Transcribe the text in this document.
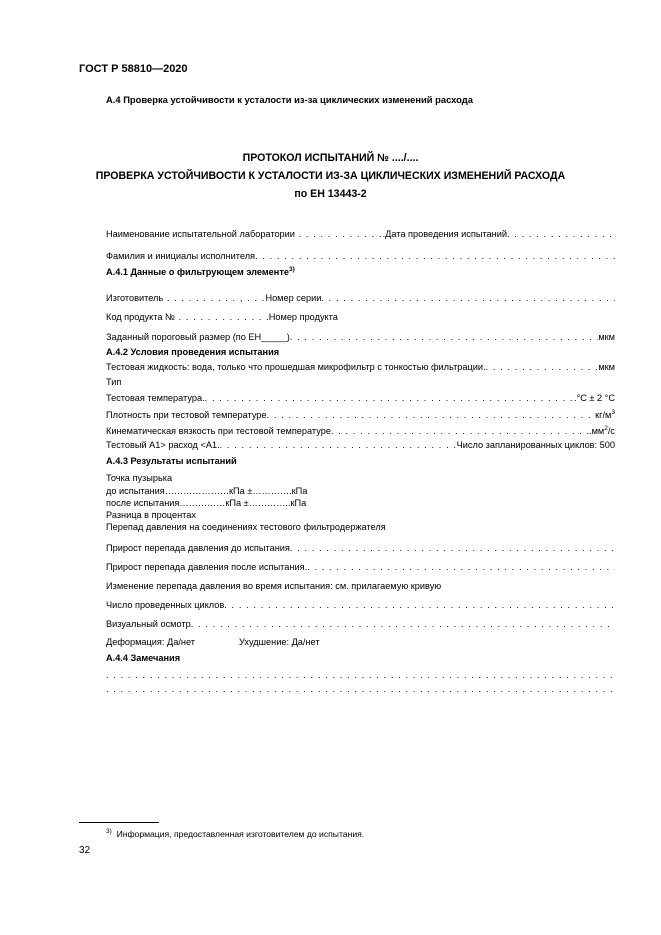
ГОСТ Р 58810—2020
A.4 Проверка устойчивости к усталости из-за циклических изменений расхода
ПРОТОКОЛ ИСПЫТАНИЙ № ..../....
ПРОВЕРКА УСТОЙЧИВОСТИ К УСТАЛОСТИ ИЗ-ЗА ЦИКЛИЧЕСКИХ ИЗМЕНЕНИЙ РАСХОДА
по ЕН 13443-2
Наименование испытательной лаборатории . . . . . . . . . . . . .Дата проведения испытаний
. . .
Фамилия и инициалы исполнителя
. . .
A.4.1 Данные о фильтрующем элементе$^{3)}$
Изготовитель . . . . . . . . . . , . . . Номер серии
. . .
Код продукта № . . . . . . . . . . . . .Номер продукта
Заданный пороговый размер (по ЕН_____) . . .	мкм
A.4.2 Условия проведения испытания
Тестовая жидкость: вода, только что прошедшая микрофильтр с тонкостью фильтрации. . . .	мкм
Тип
Тестовая температура. . . .	.°C ± 2 °C
Плотность при тестовой температуре . . .	$кг/м^3$
Кинематическая вязкость при тестовой температуре . . .	$.мм^2/с$
Тестовый А1> расход <А1. . . .	Число запланированных циклов: 500
A.4.3 Результаты испытаний
Точка пузырька
до испытания…………………кПа ±………….кПа
после испытания……………кПа ±…………..кПа
Разница в процентах
Перепад давления на соединениях тестового фильтродержателя
Прирост перепада давления до испытания
. . .
Прирост перепада давления после испытания.
. . .
Изменение перепада давления во время испытания: см. прилагаемую кривую
Число проведенных циклов
. . .
Визуальный осмотр
. . .
Деформация: Да/нет	Ухудшение: Да/нет
A.4.4 Замечания
. . .
. . .
$^{3)}$ Информация, предоставленная изготовителем до испытания.
32
